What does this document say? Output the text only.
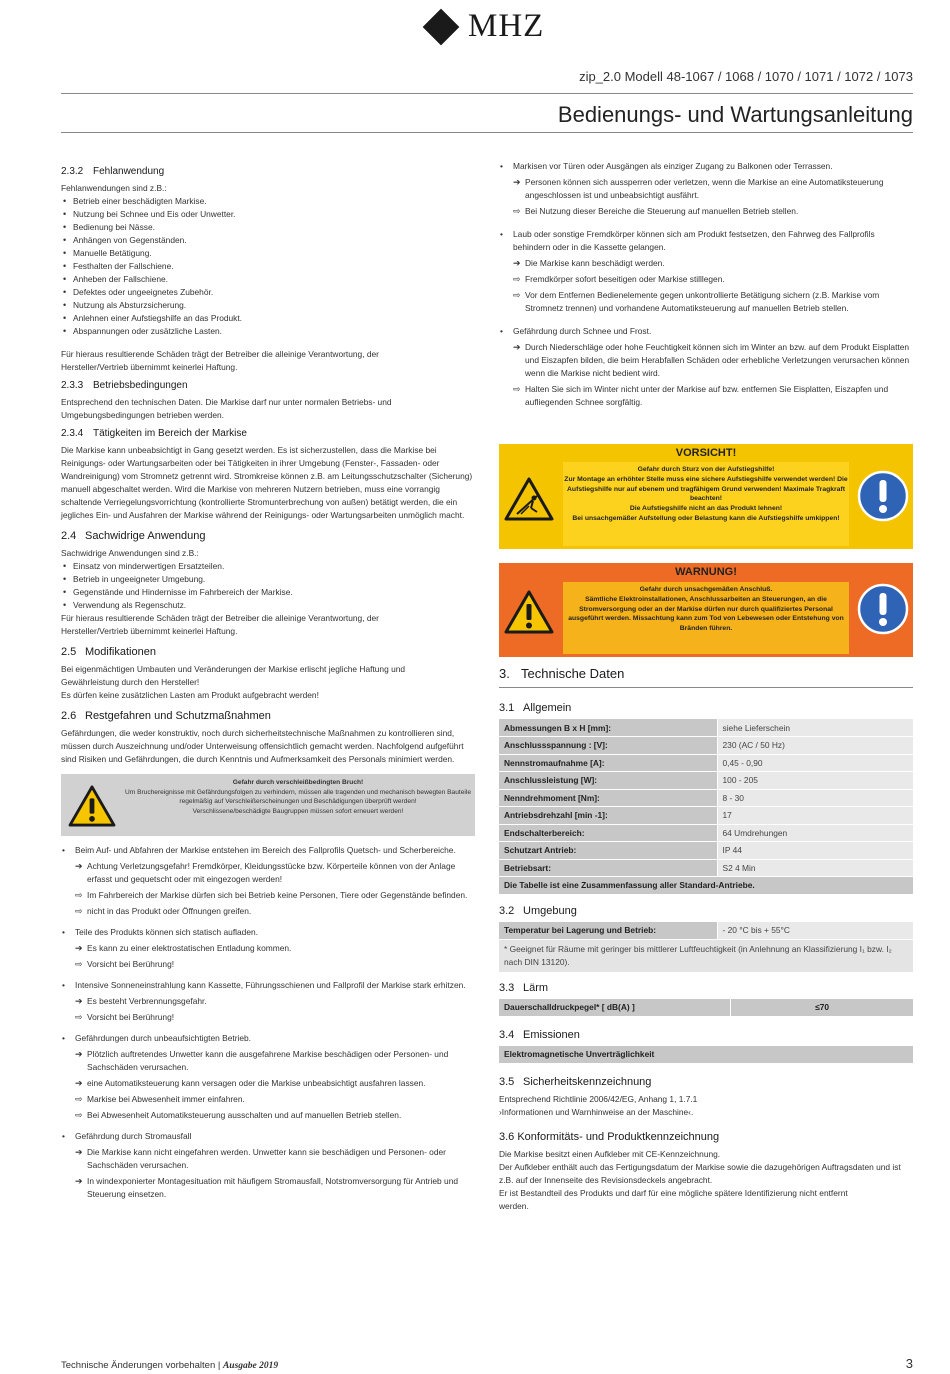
MHZ
zip_2.0 Modell 48-1067 / 1068 / 1070 / 1071 / 1072 / 1073
Bedienungs- und Wartungsanleitung
2.3.2 Fehlanwendung
Fehlanwendungen sind z.B.:
• Betrieb einer beschädigten Markise.
• Nutzung bei Schnee und Eis oder Unwetter.
• Bedienung bei Nässe.
• Anhängen von Gegenständen.
• Manuelle Betätigung.
• Festhalten der Fallschiene.
• Anheben der Fallschiene.
• Defektes oder ungeeignetes Zubehör.
• Nutzung als Absturzsicherung.
• Anlehnen einer Aufstiegshilfe an das Produkt.
• Abspannungen oder zusätzliche Lasten.
Für hieraus resultierende Schäden trägt der Betreiber die alleinige Verantwortung, der Hersteller/Vertrieb übernimmt keinerlei Haftung.
2.3.3 Betriebsbedingungen
Entsprechend den technischen Daten. Die Markise darf nur unter normalen Betriebs- und Umgebungsbedingungen betrieben werden.
2.3.4 Tätigkeiten im Bereich der Markise
Die Markise kann unbeabsichtigt in Gang gesetzt werden. Es ist sicherzustellen, dass die Markise bei Reinigungs- oder Wartungsarbeiten oder bei Tätigkeiten in ihrer Umgebung (Fenster-, Fassaden- oder Wandreinigung) vom Stromnetz getrennt wird. Stromkreise können z.B. am Leitungsschutzschalter (Sicherung) manuell abgeschaltet werden. Wird die Markise von mehreren Nutzern betrieben, muss eine vorrangig schaltende Verriegelungsvorrichtung (kontrollierte Stromunterbrechung von außen) betätigt werden, die ein jegliches Ein- und Ausfahren der Markise während der Reinigungs- oder Wartungsarbeiten unmöglich macht.
2.4 Sachwidrige Anwendung
Sachwidrige Anwendungen sind z.B.:
• Einsatz von minderwertigen Ersatzteilen.
• Betrieb in ungeeigneter Umgebung.
• Gegenstände und Hindernisse im Fahrbereich der Markise.
• Verwendung als Regenschutz.
Für hieraus resultierende Schäden trägt der Betreiber die alleinige Verantwortung, der Hersteller/Vertrieb übernimmt keinerlei Haftung.
2.5 Modifikationen
Bei eigenmächtigen Umbauten und Veränderungen der Markise erlischt jegliche Haftung und Gewährleistung durch den Hersteller!
Es dürfen keine zusätzlichen Lasten am Produkt aufgebracht werden!
2.6 Restgefahren und Schutzmaßnahmen
Gefährdungen, die weder konstruktiv, noch durch sicherheitstechnische Maßnahmen zu kontrollieren sind, müssen durch Auszeichnung und/oder Unterweisung offensichtlich gemacht werden. Nachfolgend aufgeführt sind Risiken und Gefährdungen, die durch Kenntnis und Aufmerksamkeit des Personals minimiert werden.
Gefahr durch verschleißbedingten Bruch!
Um Bruchereignisse mit Gefährdungsfolgen zu verhindern, müssen alle tragenden und mechanisch bewegten Bauteile regelmäßig auf Verschleißerscheinungen und Beschädigungen überprüft werden!
Verschlissene/beschädigte Baugruppen müssen sofort erneuert werden!
• Beim Auf- und Abfahren der Markise entstehen im Bereich des Fallprofils Quetsch- und Scherbereiche.
➔ Achtung Verletzungsgefahr! Fremdkörper, Kleidungsstücke bzw. Körperteile können von der Anlage erfasst und gequetscht oder mit eingezogen werden!
⇨ Im Fahrbereich der Markise dürfen sich bei Betrieb keine Personen, Tiere oder Gegenstände befinden.
⇨ nicht in das Produkt oder Öffnungen greifen.
• Teile des Produkts können sich statisch aufladen.
➔ Es kann zu einer elektrostatischen Entladung kommen.
⇨ Vorsicht bei Berührung!
• Intensive Sonneneinstrahlung kann Kassette, Führungsschienen und Fallprofil der Markise stark erhitzen.
➔ Es besteht Verbrennungsgefahr.
⇨ Vorsicht bei Berührung!
• Gefährdungen durch unbeaufsichtigten Betrieb.
➔ Plötzlich auftretendes Unwetter kann die ausgefahrene Markise beschädigen oder Personen- und Sachschäden verursachen.
➔ eine Automatiksteuerung kann versagen oder die Markise unbeabsichtigt ausfahren lassen.
⇨ Markise bei Abwesenheit immer einfahren.
⇨ Bei Abwesenheit Automatiksteuerung ausschalten und auf manuellen Betrieb stellen.
• Gefährdung durch Stromausfall
➔ Die Markise kann nicht eingefahren werden. Unwetter kann sie beschädigen und Personen- oder Sachschäden verursachen.
➔ In windexponierter Montagesituation mit häufigem Stromausfall, Notstromversorgung für Antrieb und Steuerung einsetzen.
• Markisen vor Türen oder Ausgängen als einziger Zugang zu Balkonen oder Terrassen.
➔ Personen können sich aussperren oder verletzen, wenn die Markise an eine Automatiksteuerung angeschlossen ist und unbeabsichtigt ausfährt.
⇨ Bei Nutzung dieser Bereiche die Steuerung auf manuellen Betrieb stellen.
• Laub oder sonstige Fremdkörper können sich am Produkt festsetzen, den Fahrweg des Fallprofils behindern oder in die Kassette gelangen.
➔ Die Markise kann beschädigt werden.
⇨ Fremdkörper sofort beseitigen oder Markise stilllegen.
⇨ Vor dem Entfernen Bedienelemente gegen unkontrollierte Betätigung sichern (z.B. Markise vom Stromnetz trennen) und vorhandene Automatiksteuerung auf manuellen Betrieb stellen.
• Gefährdung durch Schnee und Frost.
➔ Durch Niederschläge oder hohe Feuchtigkeit können sich im Winter an bzw. auf dem Produkt Eisplatten und Eiszapfen bilden, die beim Herabfallen Schäden oder erhebliche Verletzungen verursachen können wenn die Markise nicht bedient wird.
⇨ Halten Sie sich im Winter nicht unter der Markise auf bzw. entfernen Sie Eisplatten, Eiszapfen und aufliegenden Schnee sorgfältig.
VORSICHT!
Gefahr durch Sturz von der Aufstiegshilfe!
Zur Montage an erhöhter Stelle muss eine sichere Aufstiegshilfe verwendet werden! Die Aufstiegshilfe nur auf ebenem und tragfähigem Grund verwenden! Maximale Tragkraft beachten!
Die Aufstiegshilfe nicht an das Produkt lehnen!
Bei unsachgemäßer Aufstellung oder Belastung kann die Aufstiegshilfe umkippen!
WARNUNG!
Gefahr durch unsachgemäßen Anschluß.
Sämtliche Elektroinstallationen, Anschlussarbeiten an Steuerungen, an die Stromversorgung oder an der Markise dürfen nur durch qualifiziertes Personal ausgeführt werden. Missachtung kann zum Tod von Lebewesen oder Entstehung von Bränden führen.
3. Technische Daten
3.1 Allgemein
Abmessungen B x H [mm]:	siehe Lieferschein
Anschlussspannung : [V]:	230 (AC / 50 Hz)
Nennstromaufnahme [A]:	0,45 - 0,90
Anschlussleistung [W]:	100 - 205
Nenndrehmoment [Nm]:	8 - 30
Antriebsdrehzahl [min -1]:	17
Endschalterbereich:	64 Umdrehungen
Schutzart Antrieb:	IP 44
Betriebsart:	S2 4 Min
Die Tabelle ist eine Zusammenfassung aller Standard-Antriebe.	
3.2 Umgebung
Temperatur bei Lagerung und Betrieb:	- 20 °C bis + 55°C
* Geeignet für Räume mit geringer bis mittlerer Luftfeuchtigkeit (in Anlehnung an Klassifizierung I₁ bzw. I₂ nach DIN 13120).
3.3 Lärm
Dauerschalldruckpegel* [ dB(A) ]	≤70
3.4 Emissionen
Elektromagnetische Unverträglichkeit
3.5 Sicherheitskennzeichnung
Entsprechend Richtlinie 2006/42/EG, Anhang 1, 1.7.1
›Informationen und Warnhinweise an der Maschine‹.
3.6 Konformitäts- und Produktkennzeichnung
Die Markise besitzt einen Aufkleber mit CE-Kennzeichnung.
Der Aufkleber enthält auch das Fertigungsdatum der Markise sowie die dazugehörigen Auftragsdaten und ist z.B. auf der Innenseite des Revisionsdeckels angebracht.
Er ist Bestandteil des Produkts und darf für eine mögliche spätere Identifizierung nicht entfernt werden.
Technische Änderungen vorbehalten | Ausgabe 2019	3
